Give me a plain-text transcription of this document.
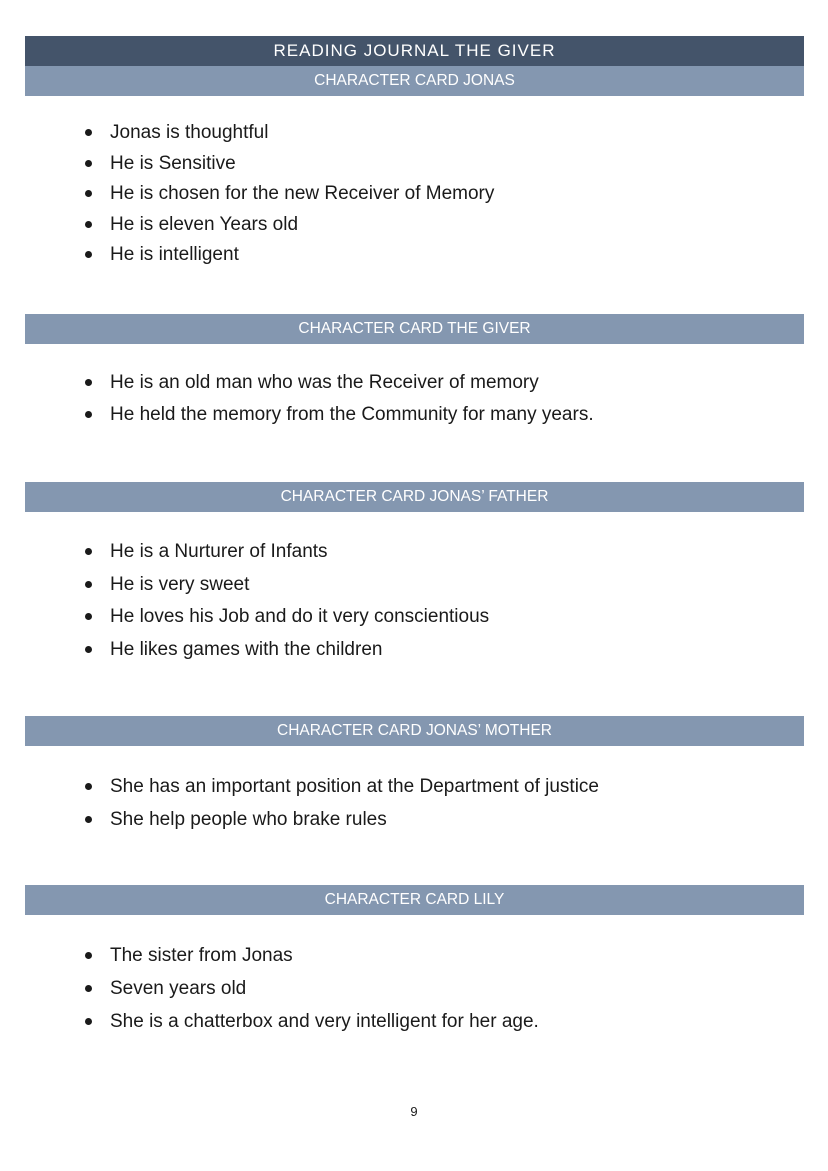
READING JOURNAL THE GIVER
CHARACTER CARD JONAS
Jonas is thoughtful
He is Sensitive
He is chosen for the new Receiver of Memory
He is eleven Years old
He is intelligent
CHARACTER CARD THE GIVER
He is an old man who was the Receiver of memory
He held the memory from the Community for many years.
CHARACTER CARD JONAS’ FATHER
He is a Nurturer of Infants
He is very sweet
He loves his Job and do it very conscientious
He likes games with the children
CHARACTER CARD JONAS’ MOTHER
She has an important position at the Department of justice
She help people who brake rules
CHARACTER CARD LILY
The sister from Jonas
Seven years old
She is a chatterbox and very intelligent for her age.
9
